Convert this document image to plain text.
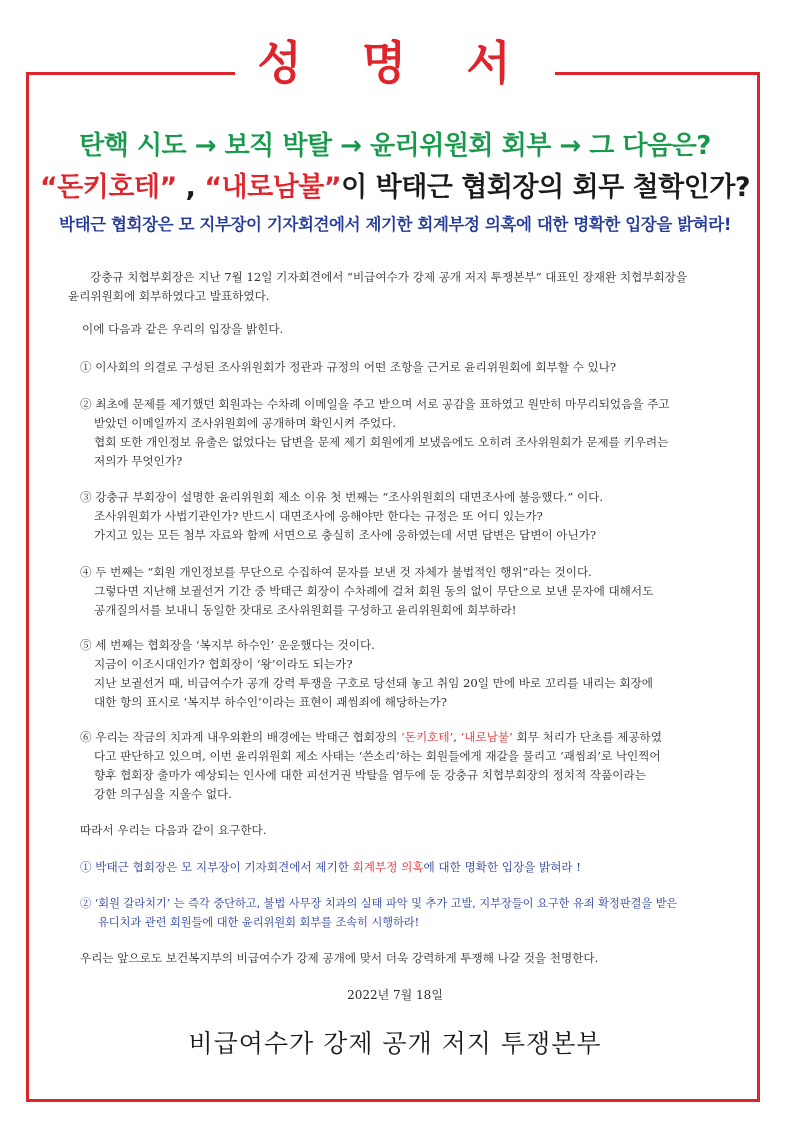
성 명 서
탄핵 시도 → 보직 박탈 → 윤리위원회 회부 → 그 다음은?
“돈키호테” , “내로남불”이 박태근 협회장의 회무 철학인가?
박태근 협회장은 모 지부장이 기자회견에서 제기한 회계부정 의혹에 대한 명확한 입장을 밝혀라!
강충규 치협부회장은 지난 7월 12일 기자회견에서 “비급여수가 강제 공개 저지 투쟁본부” 대표인 장재완 치협부회장을
윤리위원회에 회부하였다고 발표하였다.
이에 다음과 같은 우리의 입장을 밝힌다.
① 이사회의 의결로 구성된 조사위원회가 정관과 규정의 어떤 조항을 근거로 윤리위원회에 회부할 수 있나?
② 최초에 문제를 제기했던 회원과는 수차례 이메일을 주고 받으며 서로 공감을 표하였고 원만히 마무리되었음을 주고
받았던 이메일까지 조사위원회에 공개하며 확인시켜 주었다.
협회 또한 개인정보 유출은 없었다는 답변을 문제 제기 회원에게 보냈음에도 오히려 조사위원회가 문제를 키우려는
저의가 무엇인가?
③ 강충규 부회장이 설명한 윤리위원회 제소 이유 첫 번째는 “조사위원회의 대면조사에 불응했다.” 이다.
조사위원회가 사법기관인가? 반드시 대면조사에 응해야만 한다는 규정은 또 어디 있는가?
가지고 있는 모든 첨부 자료와 함께 서면으로 충실히 조사에 응하였는데 서면 답변은 답변이 아닌가?
④ 두 번째는 “회원 개인정보를 무단으로 수집하여 문자를 보낸 것 자체가 불법적인 행위”라는 것이다.
그렇다면 지난해 보궐선거 기간 중 박태근 회장이 수차례에 걸쳐 회원 동의 없이 무단으로 보낸 문자에 대해서도
공개질의서를 보내니 동일한 잣대로 조사위원회를 구성하고 윤리위원회에 회부하라!
⑤ 세 번째는 협회장을 ‘복지부 하수인’ 운운했다는 것이다.
지금이 이조시대인가? 협회장이 ‘왕’이라도 되는가?
지난 보궐선거 때, 비급여수가 공개 강력 투쟁을 구호로 당선돼 놓고 취임 20일 만에 바로 꼬리를 내리는 회장에
대한 항의 표시로 ‘복지부 하수인’이라는 표현이 괘씸죄에 해당하는가?
⑥ 우리는 작금의 치과계 내우외환의 배경에는 박태근 협회장의 ‘돈키호테’, ‘내로남불’ 회무 처리가 단초를 제공하였
다고 판단하고 있으며, 이번 윤리위원회 제소 사태는 ‘쓴소리’하는 회원들에게 재갈을 물리고 ‘괘씸죄’로 낙인찍어
향후 협회장 출마가 예상되는 인사에 대한 피선거권 박탈을 염두에 둔 강충규 치협부회장의 정치적 작품이라는
강한 의구심을 지울수 없다.
따라서 우리는 다음과 같이 요구한다.
① 박태근 협회장은 모 지부장이 기자회견에서 제기한 회계부정 의혹에 대한 명확한 입장을 밝혀라 !
② ‘회원 갈라치기’ 는 즉각 중단하고, 불법 사무장 치과의 실태 파악 및 추가 고발, 지부장들이 요구한 유죄 확정판결을 받은
유디치과 관련 회원들에 대한 윤리위원회 회부를 조속히 시행하라!
우리는 앞으로도 보건복지부의 비급여수가 강제 공개에 맞서 더욱 강력하게 투쟁해 나갈 것을 천명한다.
2022년 7월 18일
비급여수가 강제 공개 저지 투쟁본부
